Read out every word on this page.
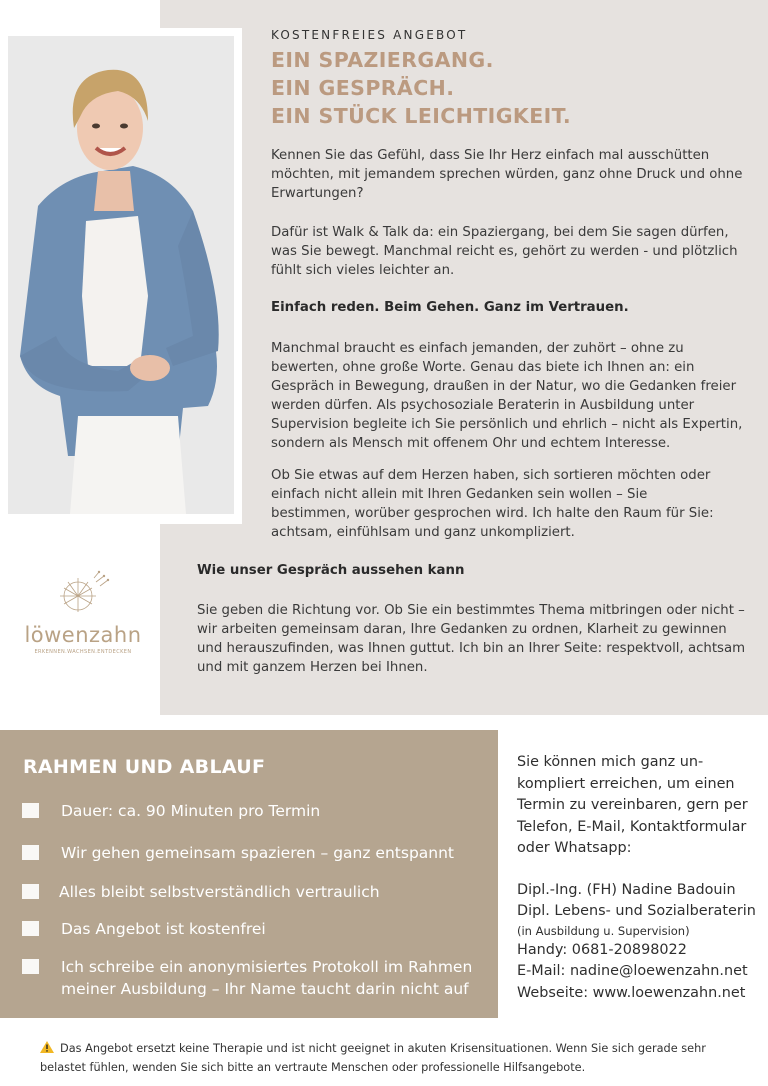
KOSTENFREIES ANGEBOT
EIN SPAZIERGANG.
EIN GESPRÄCH.
EIN STÜCK LEICHTIGKEIT.

Kennen Sie das Gefühl, dass Sie Ihr Herz einfach mal ausschütten möchten, mit jemandem sprechen würden, ganz ohne Druck und ohne Erwartungen?

Dafür ist Walk & Talk da: ein Spaziergang, bei dem Sie sagen dürfen, was Sie bewegt. Manchmal reicht es, gehört zu werden - und plötzlich fühlt sich vieles leichter an.

Einfach reden. Beim Gehen. Ganz im Vertrauen.

Manchmal braucht es einfach jemanden, der zuhört – ohne zu bewerten, ohne große Worte. Genau das biete ich Ihnen an: ein Gespräch in Bewegung, draußen in der Natur, wo die Gedanken freier werden dürfen. Als psychosoziale Beraterin in Ausbildung unter Supervision begleite ich Sie persönlich und ehrlich – nicht als Expertin, sondern als Mensch mit offenem Ohr und echtem Interesse.

Ob Sie etwas auf dem Herzen haben, sich sortieren möchten oder einfach nicht allein mit Ihren Gedanken sein wollen – Sie bestimmen, worüber gesprochen wird. Ich halte den Raum für Sie: achtsam, einfühlsam und ganz unkompliziert.

Wie unser Gespräch aussehen kann

Sie geben die Richtung vor. Ob Sie ein bestimmtes Thema mitbringen oder nicht – wir arbeiten gemeinsam daran, Ihre Gedanken zu ordnen, Klarheit zu gewinnen und herauszufinden, was Ihnen guttut. Ich bin an Ihrer Seite: respektvoll, achtsam und mit ganzem Herzen bei Ihnen.

löwenzahn
ERKENNEN.WACHSEN.ENTDECKEN
RAHMEN UND ABLAUF
Dauer: ca. 90 Minuten pro Termin
Wir gehen gemeinsam spazieren – ganz entspannt
Alles bleibt selbstverständlich vertraulich
Das Angebot ist kostenfrei
Ich schreibe ein anonymisiertes Protokoll im Rahmen meiner Ausbildung – Ihr Name taucht darin nicht auf
Sie können mich ganz un-
kompliert erreichen, um einen
Termin zu vereinbaren, gern per
Telefon, E-Mail, Kontaktformular
oder Whatsapp:
Dipl.-Ing. (FH) Nadine Badouin
Dipl. Lebens- und Sozialberaterin
(in Ausbildung u. Supervision)
Handy: 0681-20898022
E-Mail: nadine@loewenzahn.net
Webseite: www.loewenzahn.net
Das Angebot ersetzt keine Therapie und ist nicht geeignet in akuten Krisensituationen. Wenn Sie sich gerade sehr belastet fühlen, wenden Sie sich bitte an vertraute Menschen oder professionelle Hilfsangebote.
